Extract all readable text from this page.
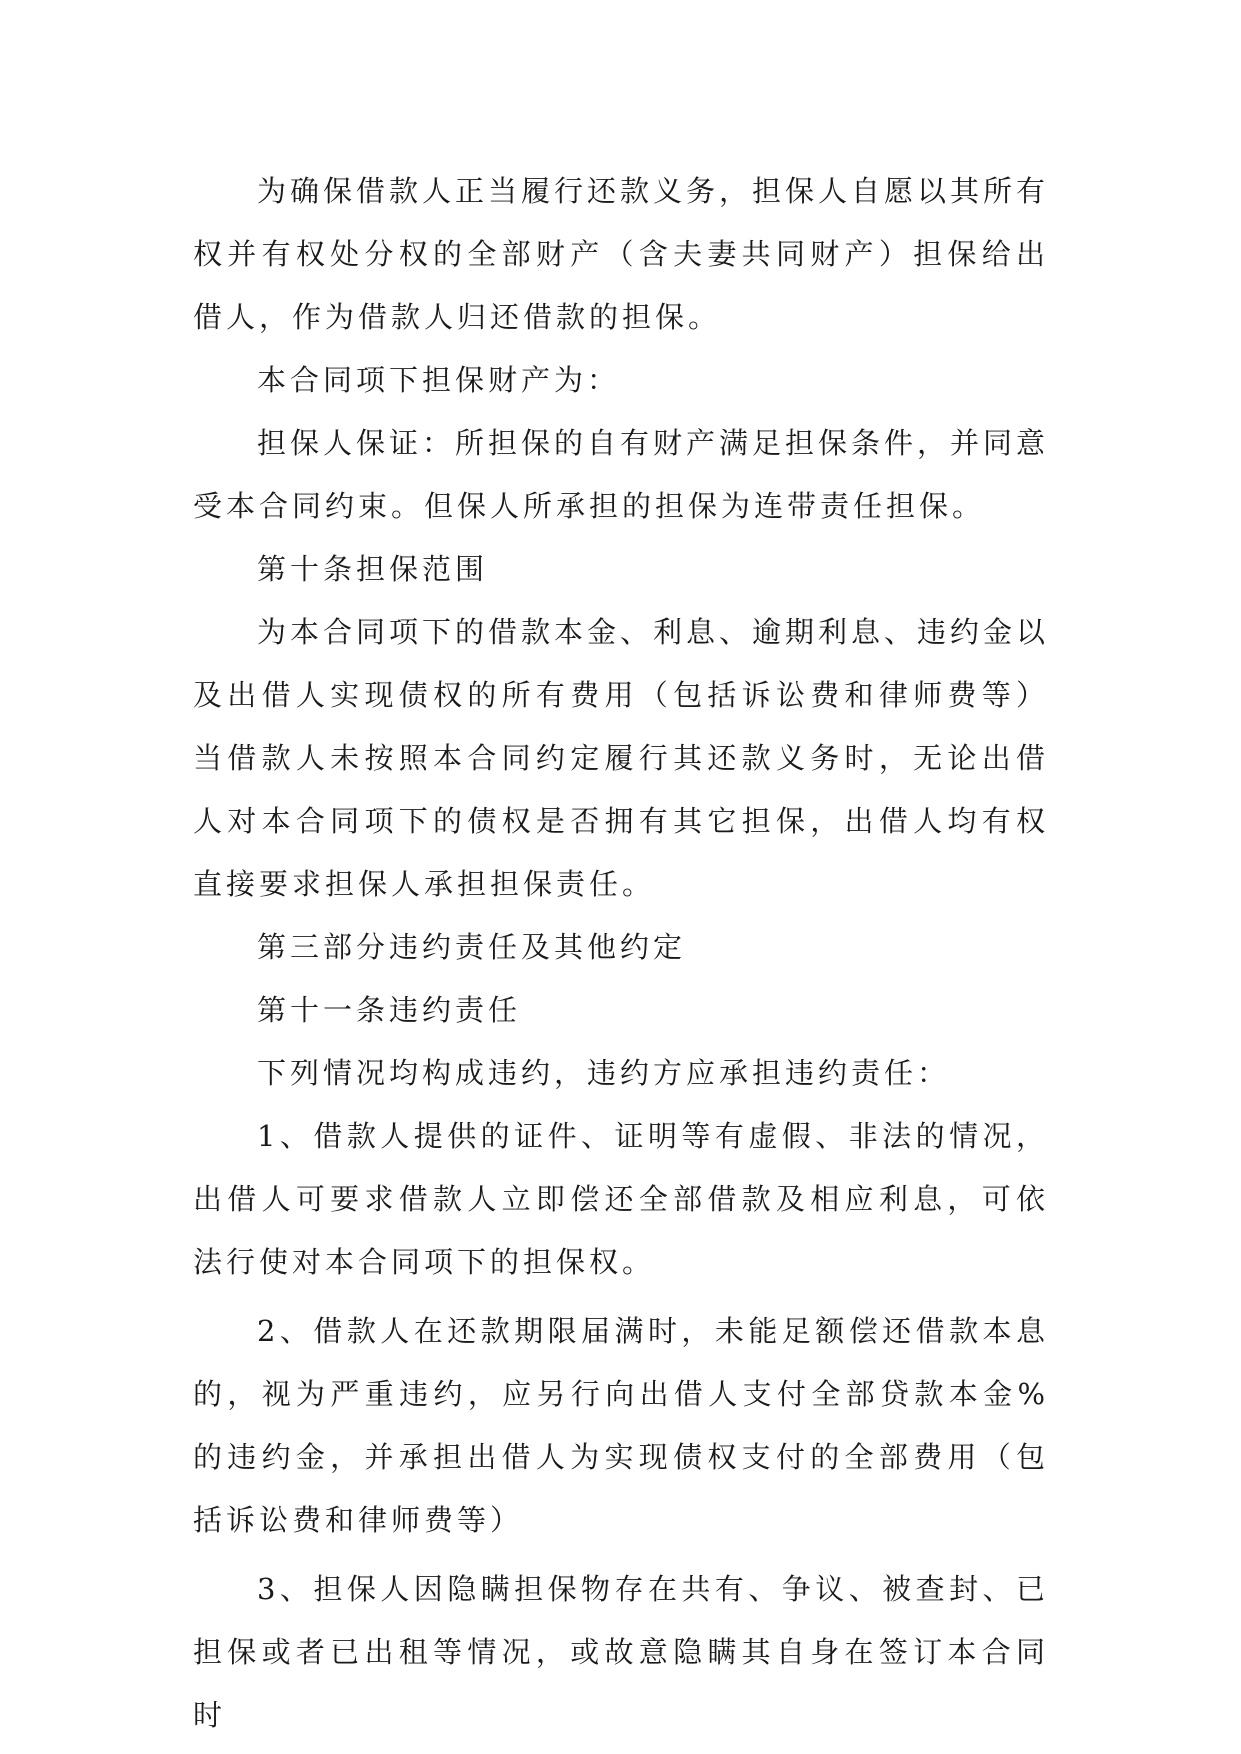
为确保借款人正当履行还款义务，担保人自愿以其所有权并有权处分权的全部财产（含夫妻共同财产）担保给出借人，作为借款人归还借款的担保。

本合同项下担保财产为：

担保人保证：所担保的自有财产满足担保条件，并同意受本合同约束。但保人所承担的担保为连带责任担保。

第十条担保范围

为本合同项下的借款本金、利息、逾期利息、违约金以及出借人实现债权的所有费用（包括诉讼费和律师费等）当借款人未按照本合同约定履行其还款义务时，无论出借人对本合同项下的债权是否拥有其它担保，出借人均有权直接要求担保人承担担保责任。

第三部分违约责任及其他约定

第十一条违约责任

下列情况均构成违约，违约方应承担违约责任：

1、借款人提供的证件、证明等有虚假、非法的情况，出借人可要求借款人立即偿还全部借款及相应利息，可依法行使对本合同项下的担保权。

2、借款人在还款期限届满时，未能足额偿还借款本息的，视为严重违约，应另行向出借人支付全部贷款本金%的违约金，并承担出借人为实现债权支付的全部费用（包括诉讼费和律师费等）

3、担保人因隐瞒担保物存在共有、争议、被查封、已担保或者已出租等情况，或故意隐瞒其自身在签订本合同时
